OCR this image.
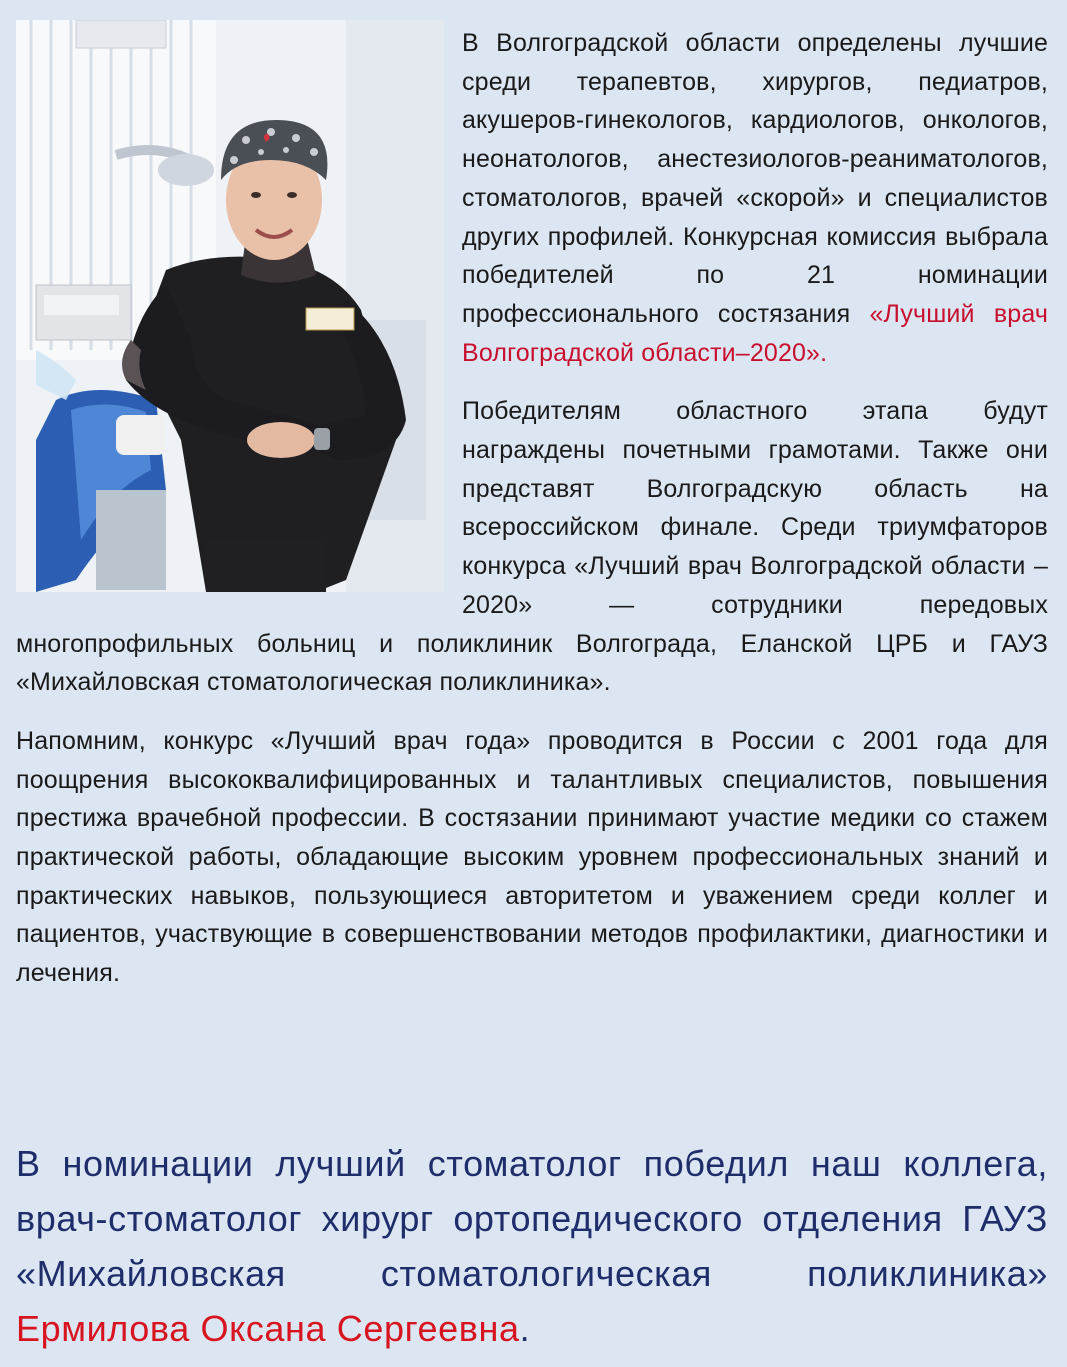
В Волгоградской области определены лучшие среди терапевтов, хирургов, педиатров, акушеров-гинекологов, кардиологов, онкологов, неонатологов, анестезиологов-реаниматологов, стоматологов, врачей «скорой» и специалистов других профилей. Конкурсная комиссия выбрала победителей по 21 номинации профессионального состязания «Лучший врач Волгоградской области–2020».

Победителям областного этапа будут награждены почетными грамотами. Также они представят Волгоградскую область на всероссийском финале. Среди триумфаторов конкурса «Лучший врач Волгоградской области – 2020» — сотрудники передовых многопрофильных больниц и поликлиник Волгограда, Еланской ЦРБ и ГАУЗ «Михайловская стоматологическая поликлиника».

Напомним, конкурс «Лучший врач года» проводится в России с 2001 года для поощрения высококвалифицированных и талантливых специалистов, повышения престижа врачебной профессии. В состязании принимают участие медики со стажем практической работы, обладающие высоким уровнем профессиональных знаний и практических навыков, пользующиеся авторитетом и уважением среди коллег и пациентов, участвующие в совершенствовании методов профилактики, диагностики и лечения.

В номинации лучший стоматолог победил наш коллега, врач-стоматолог хирург ортопедического отделения ГАУЗ «Михайловская стоматологическая поликлиника» Ермилова Оксана Сергеевна.
